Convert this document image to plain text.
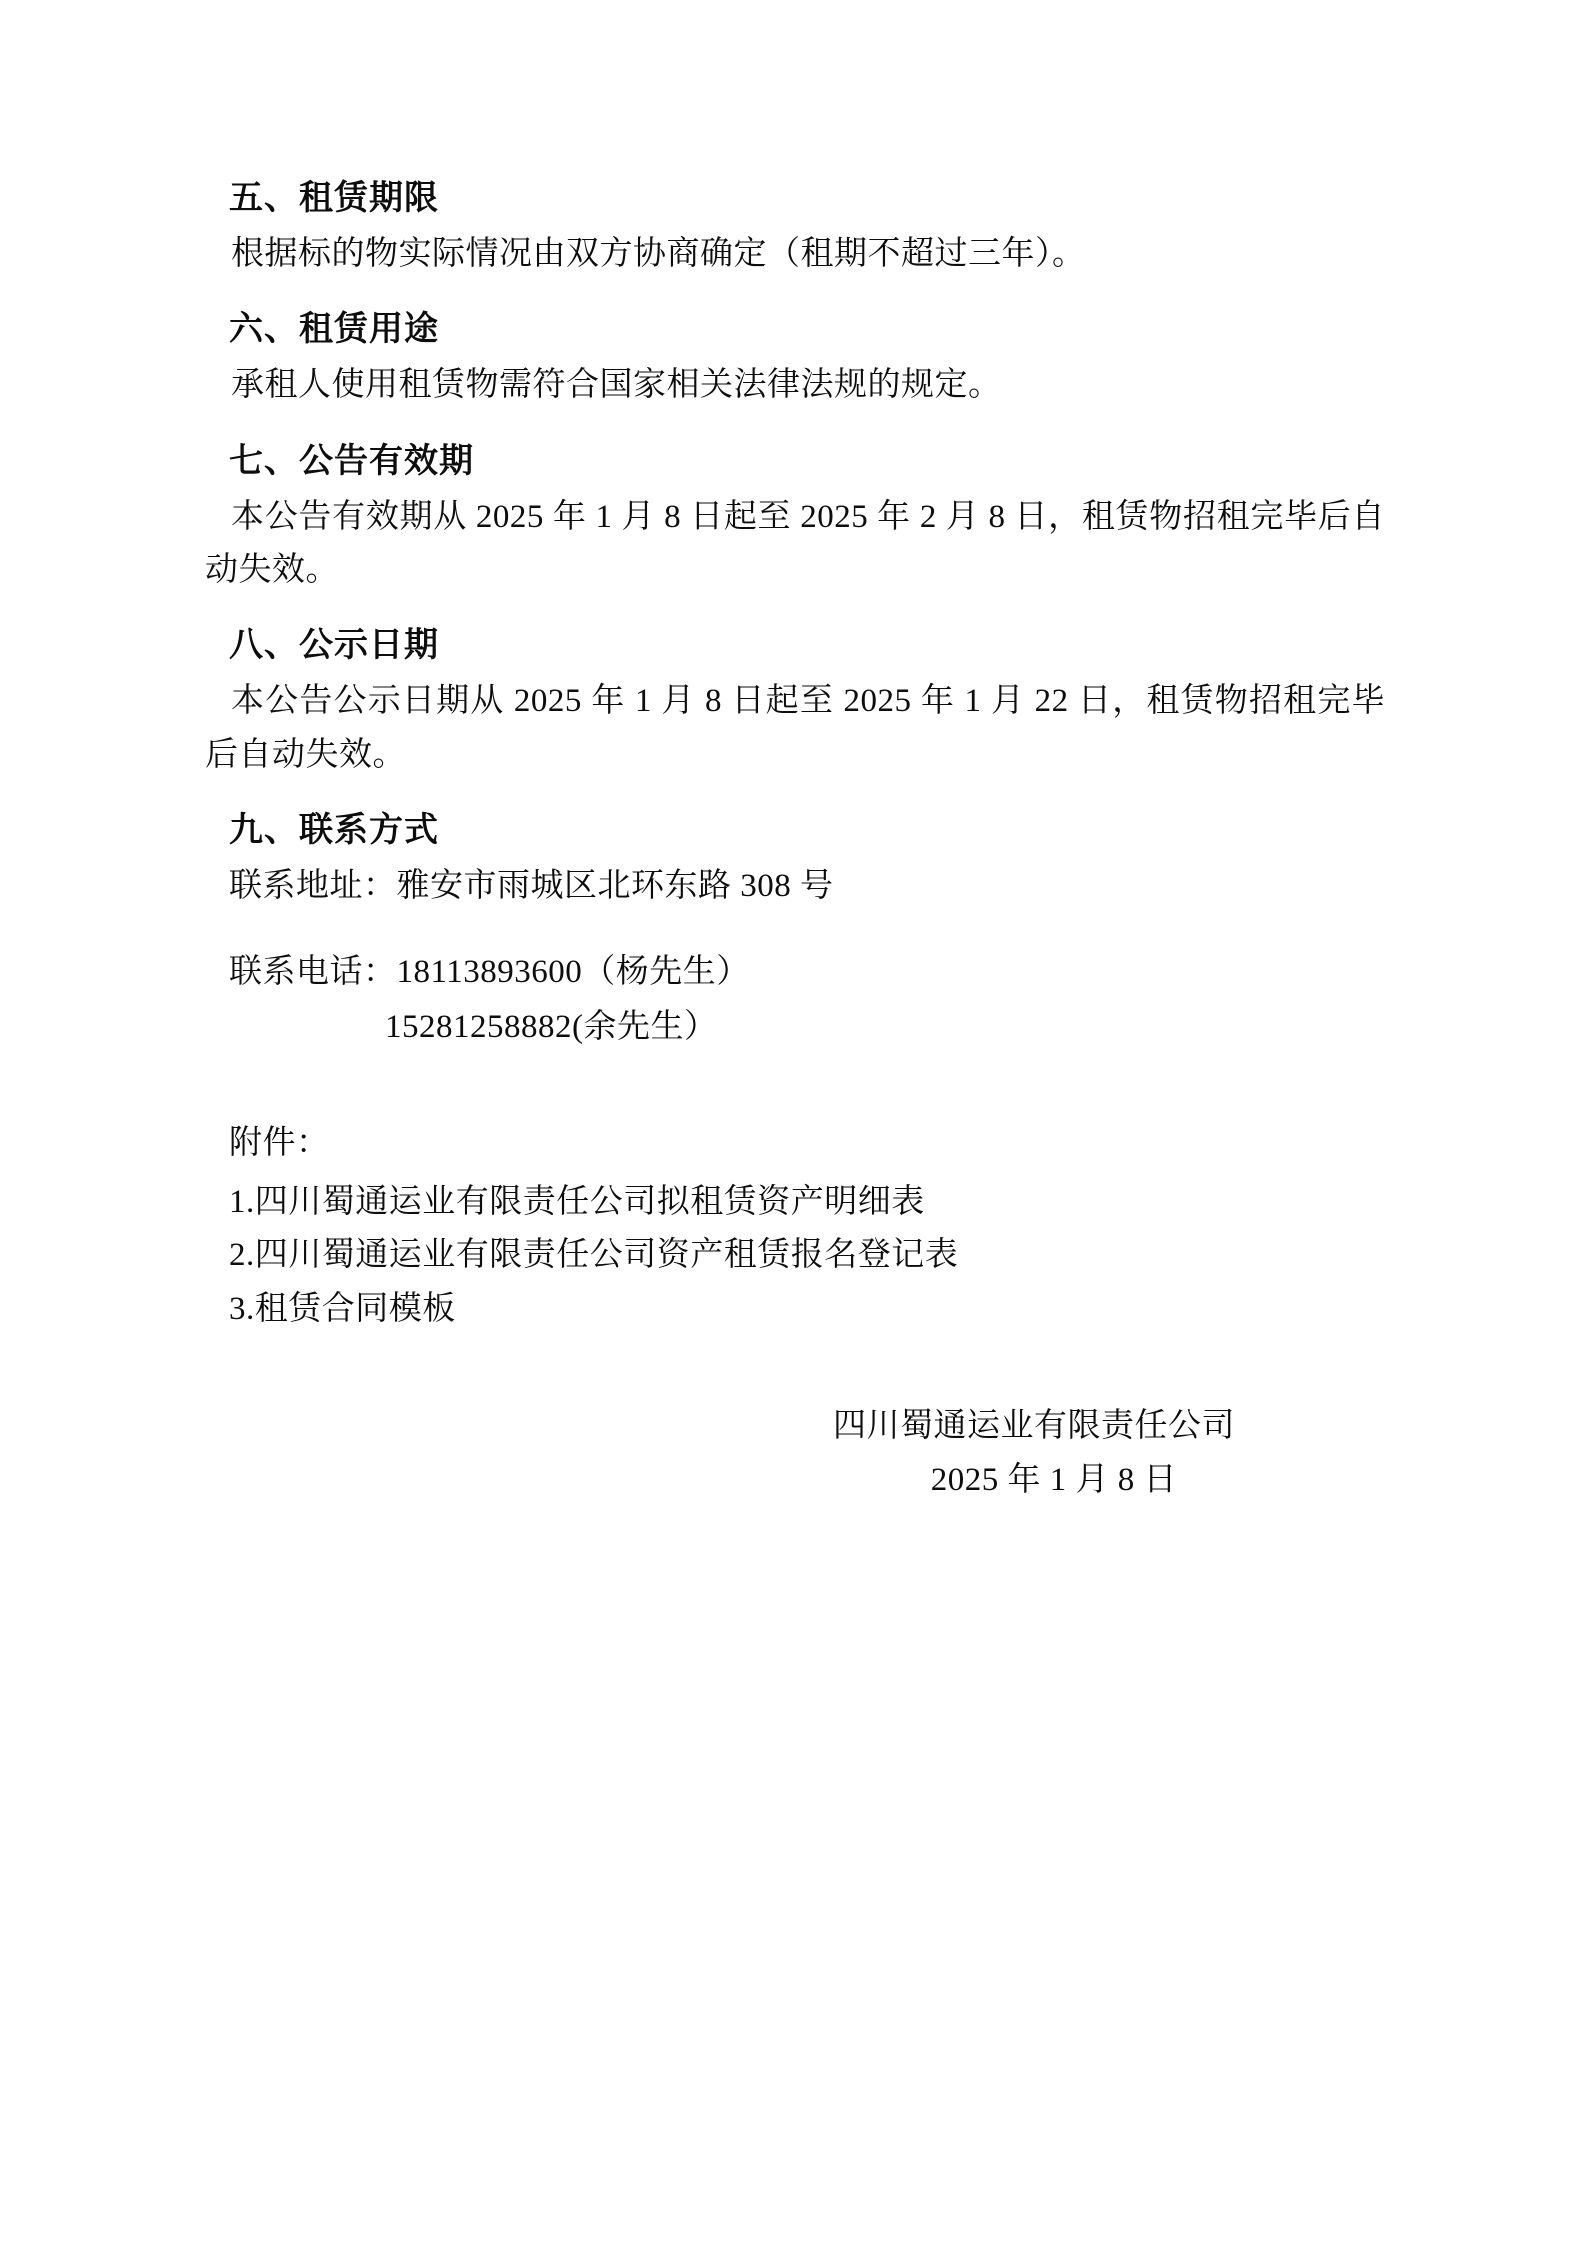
五、租赁期限

根据标的物实际情况由双方协商确定（租期不超过三年）。

六、租赁用途

承租人使用租赁物需符合国家相关法律法规的规定。

七、公告有效期

本公告有效期从 2025 年 1 月 8 日起至 2025 年 2 月 8 日，租赁物招租完毕后自动失效。

八、公示日期

本公告公示日期从 2025 年 1 月 8 日起至 2025 年 1 月 22 日，租赁物招租完毕后自动失效。

九、联系方式

联系地址：雅安市雨城区北环东路 308 号

联系电话：18113893600（杨先生）

15281258882(余先生）

附件：

1.四川蜀通运业有限责任公司拟租赁资产明细表
2.四川蜀通运业有限责任公司资产租赁报名登记表
3.租赁合同模板
四川蜀通运业有限责任公司
2025 年 1 月 8 日
